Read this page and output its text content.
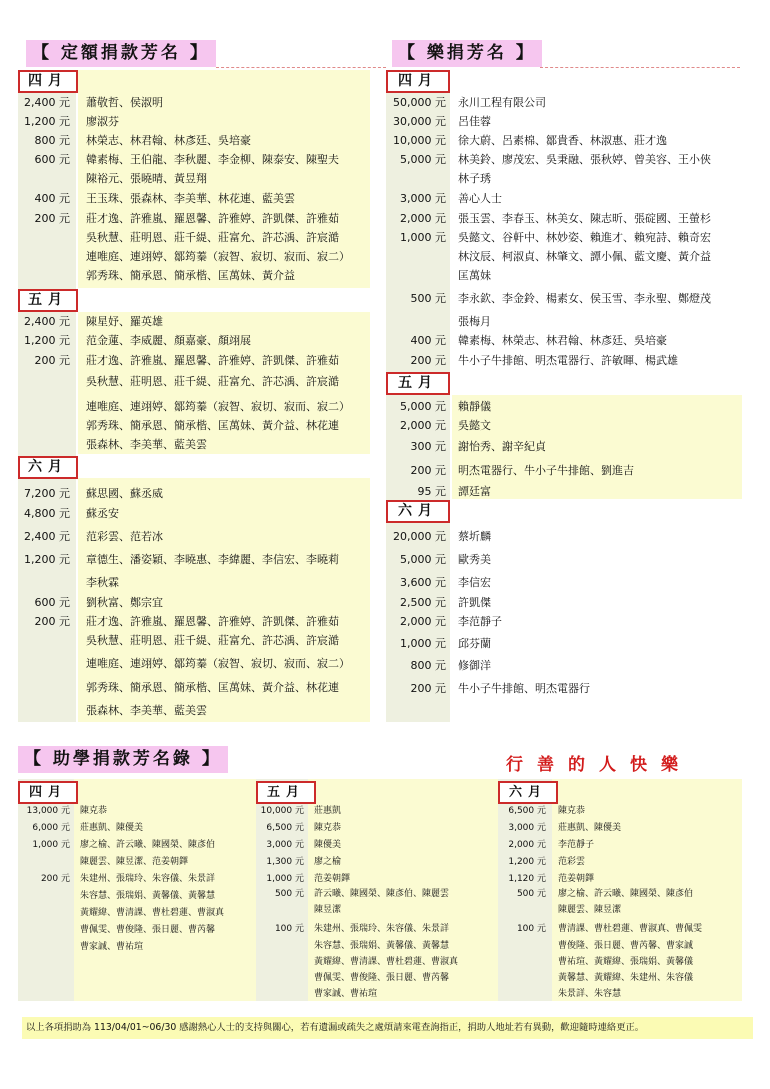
【 定額捐款芳名 】	【 樂捐芳名 】
四月
五月
六月
四月
五月
六月
2,400 元 蕭敬哲、侯淑明
1,200 元 廖淑芬
800 元 林榮志、林君翰、林彥廷、吳培豪
600 元 韓素梅、王伯龍、李秋麗、李金柳、陳泰安、陳聖夫
陳裕元、張曉晴、黃昱翔
400 元 王玉珠、張森林、李美華、林花連、藍美雲
200 元 莊才逸、許雅嵐、羅恩馨、許雅婷、許凱傑、許雅茹
吳秋慧、莊明恩、莊千緹、莊富允、許芯渪、許宸澔
連唯庭、連翊婷、鄒筠蓁（寂智、寂切、寂而、寂二）
郭秀珠、簡承恩、簡承楷、匡萬妹、黃介益
2,400 元 陳星妤、羅英雄
1,200 元 范金蓮、李威麗、顏嘉豪、顏翊展
200 元 莊才逸、許雅嵐、羅恩馨、許雅婷、許凱傑、許雅茹
吳秋慧、莊明恩、莊千緹、莊富允、許芯渪、許宸澔
連唯庭、連翊婷、鄒筠蓁（寂智、寂切、寂而、寂二）
郭秀珠、簡承恩、簡承楷、匡萬妹、黃介益、林花連
張森林、李美華、藍美雲
7,200 元 蘇思國、蘇丞威
4,800 元 蘇丞安
2,400 元 范彩雲、范若冰
1,200 元 章德生、潘姿穎、李曉惠、李緯麗、李信宏、李曉莉
李秋霖
600 元 劉秋富、鄭宗宜
200 元 莊才逸、許雅嵐、羅恩馨、許雅婷、許凱傑、許雅茹
吳秋慧、莊明恩、莊千緹、莊富允、許芯渪、許宸澔
連唯庭、連翊婷、鄒筠蓁（寂智、寂切、寂而、寂二）
郭秀珠、簡承恩、簡承楷、匡萬妹、黃介益、林花連
張森林、李美華、藍美雲
50,000 元 永川工程有限公司
30,000 元 呂佳蓉
10,000 元 徐大蔚、呂素棉、鄒貴香、林淑惠、莊才逸
5,000 元 林美鈴、廖茂宏、吳秉融、張秋婷、曾美容、王小俠
林子琇
3,000 元 善心人士
2,000 元 張玉雲、李春玉、林美女、陳志昕、張碇國、王螢杉
1,000 元 吳懿文、谷軒中、林妙姿、賴進才、賴宛詩、賴奇宏
林汶辰、柯淑貞、林肇文、譚小佩、藍文慶、黃介益
匡萬妹
500 元 李永欽、李金鈴、楊素女、侯玉雪、李永聖、鄭燈茂
張梅月
400 元 韓素梅、林榮志、林君翰、林彥廷、吳培豪
200 元 牛小子牛排館、明杰電器行、許敏暉、楊武雄
5,000 元 賴靜儀
2,000 元 吳懿文
300 元 謝怡秀、謝辛紀貞
200 元 明杰電器行、牛小子牛排館、劉進吉
95 元 譚廷富
20,000 元 蔡圻麟
5,000 元 歐秀美
3,600 元 李信宏
2,500 元 許凱傑
2,000 元 李范靜子
1,000 元 邱芬蘭
800 元 修御洋
200 元 牛小子牛排館、明杰電器行
【 助學捐款芳名錄 】	行善的人快樂
四月	五月	六月
13,000 元 陳克恭
6,000 元 莊惠凱、陳優美
1,000 元 廖之榆、許云曦、陳國榮、陳彥伯
陳麗雲、陳昱潔、范姜朝鐸
200 元 朱建州、張瑞玲、朱容儀、朱景詳
朱容慧、張瑞娟、黃馨儀、黃馨慧
黃耀緯、曹清課、曹杜碧蓮、曹淑真
曹佩雯、曹俊隆、張日麗、曹芮馨
曹家誠、曹祐瑄
10,000 元 莊惠凱
6,500 元 陳克恭
3,000 元 陳優美
1,300 元 廖之榆
1,000 元 范姜朝鐸
500 元 許云曦、陳國榮、陳彥伯、陳麗雲
陳昱潔
100 元 朱建州、張瑞玲、朱容儀、朱景詳
朱容慧、張瑞娟、黃馨儀、黃馨慧
黃耀緯、曹清課、曹杜碧蓮、曹淑真
曹佩雯、曹俊隆、張日麗、曹芮馨
曹家誠、曹祐瑄
6,500 元 陳克恭
3,000 元 莊惠凱、陳優美
2,000 元 李范靜子
1,200 元 范彩雲
1,120 元 范姜朝鐸
500 元 廖之榆、許云曦、陳國榮、陳彥伯
陳麗雲、陳昱潔
100 元 曹清課、曹杜碧蓮、曹淑真、曹佩雯
曹俊隆、張日麗、曹芮馨、曹家誠
曹祐瑄、黃耀緯、張瑞娟、黃馨儀
黃馨慧、黃耀緯、朱建州、朱容儀
朱景詳、朱容慧
以上各項捐助為 113/04/01~06/30 感謝熱心人士的支持與關心，若有遺漏或疏失之處煩請來電查詢指正，捐助人地址若有異動，歡迎隨時連絡更正。
